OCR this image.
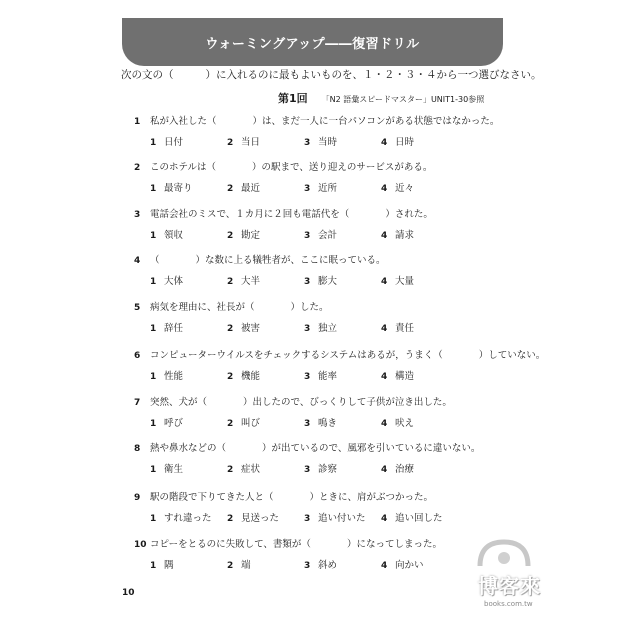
ウォーミングアップ――復習ドリル
次の文の（	）に入れるのに最もよいものを、１・２・３・４から一つ選びなさい。
第1回 「N2 語彙スピードマスター」UNIT1-30参照
1	私が入社した（	）は、まだ一人に一台パソコンがある状態ではなかった。
1 日付	2 当日	3 当時	4 日時
2	このホテルは（	）の駅まで、送り迎えのサービスがある。
1 最寄り	2 最近	3 近所	4 近々
3	電話会社のミスで、１カ月に２回も電話代を（	）された。
1 領収	2 勘定	3 会計	4 請求
4	（	）な数に上る犠牲者が、ここに眠っている。
1 大体	2 大半	3 膨大	4 大量
5	病気を理由に、社長が（	）した。
1 辞任	2 被害	3 独立	4 責任
6	コンピューターウイルスをチェックするシステムはあるが，うまく（	）していない。
1 性能	2 機能	3 能率	4 構造
7	突然、犬が（	）出したので、びっくりして子供が泣き出した。
1 呼び	2 叫び	3 鳴き	4 吠え
8	熱や鼻水などの（	）が出ているので、風邪を引いているに違いない。
1 衛生	2 症状	3 診察	4 治療
9	駅の階段で下りてきた人と（	）ときに、肩がぶつかった。
1 すれ違った 2 見送った	3 追い付いた 4 追い回した
10 コピーをとるのに失敗して、書類が（	）になってしまった。
1 隅	2 端	3 斜め	4 向かい
10	博客來
books.com.tw
